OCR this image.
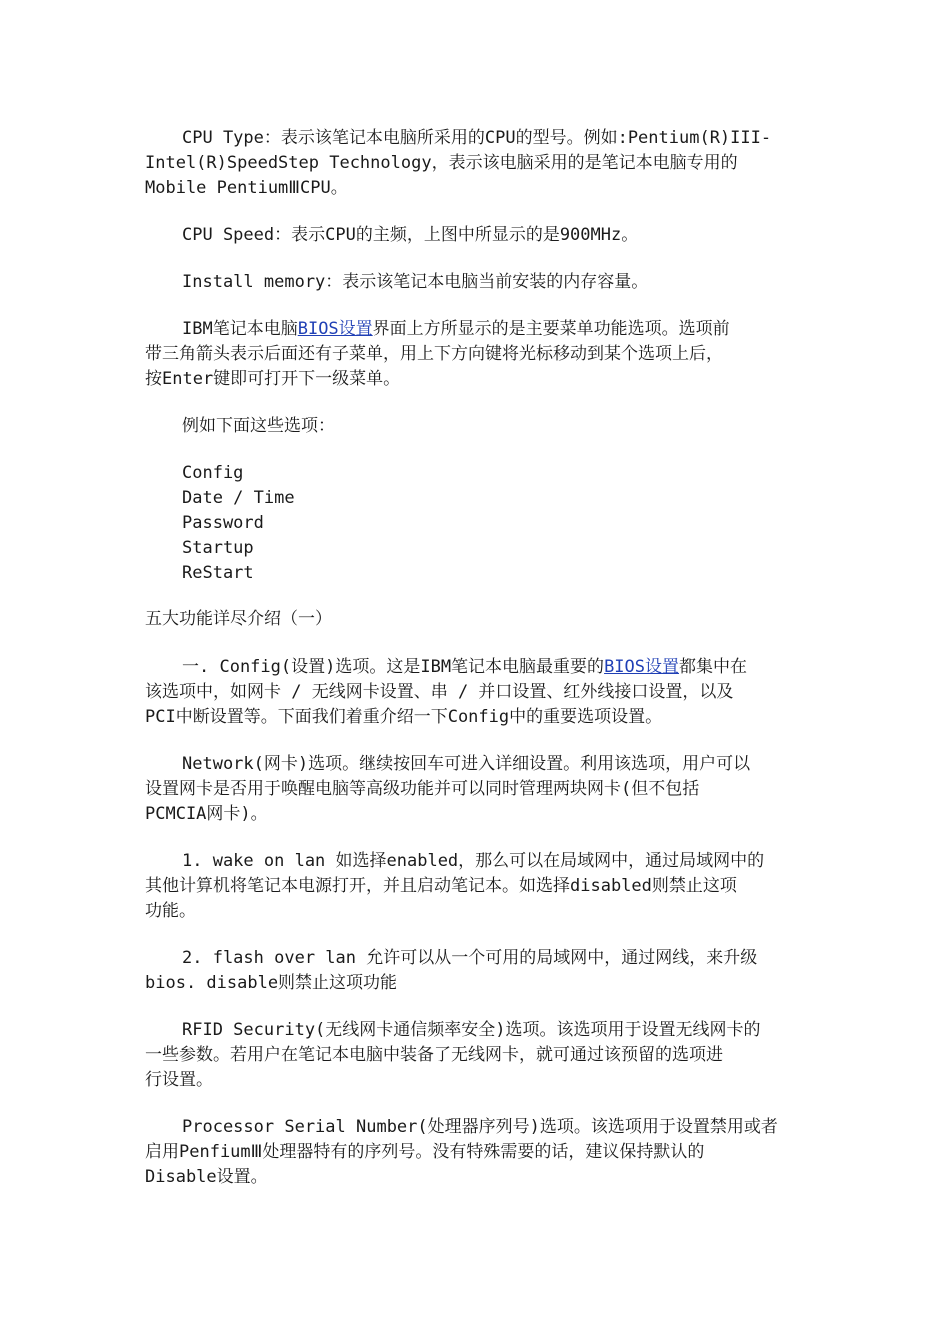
CPU Type：表示该笔记本电脑所采用的CPU的型号。例如:Pentium(R)III-
Intel(R)SpeedStep Technology，表示该电脑采用的是笔记本电脑专用的
Mobile PentiumⅢCPU。
CPU Speed：表示CPU的主频，上图中所显示的是900MHz。
Install memory：表示该笔记本电脑当前安装的内存容量。
IBM笔记本电脑BIOS设置界面上方所显示的是主要菜单功能选项。选项前
带三角箭头表示后面还有子菜单，用上下方向键将光标移动到某个选项上后，
按Enter键即可打开下一级菜单。
例如下面这些选项：
Config
Date / Time
Password
Startup
ReStart
五大功能详尽介绍（一）
一. Config(设置)选项。这是IBM笔记本电脑最重要的BIOS设置都集中在
该选项中，如网卡 / 无线网卡设置、串 / 并口设置、红外线接口设置，以及
PCI中断设置等。下面我们着重介绍一下Config中的重要选项设置。
Network(网卡)选项。继续按回车可进入详细设置。利用该选项，用户可以
设置网卡是否用于唤醒电脑等高级功能并可以同时管理两块网卡(但不包括
PCMCIA网卡)。
1. wake on lan 如选择enabled，那么可以在局域网中，通过局域网中的
其他计算机将笔记本电源打开，并且启动笔记本。如选择disabled则禁止这项
功能。
2. flash over lan 允许可以从一个可用的局域网中，通过网线，来升级
bios. disable则禁止这项功能
RFID Security(无线网卡通信频率安全)选项。该选项用于设置无线网卡的
一些参数。若用户在笔记本电脑中装备了无线网卡，就可通过该预留的选项进
行设置。
Processor Serial Number(处理器序列号)选项。该选项用于设置禁用或者
启用PenfiumⅢ处理器特有的序列号。没有特殊需要的话，建议保持默认的
Disable设置。
